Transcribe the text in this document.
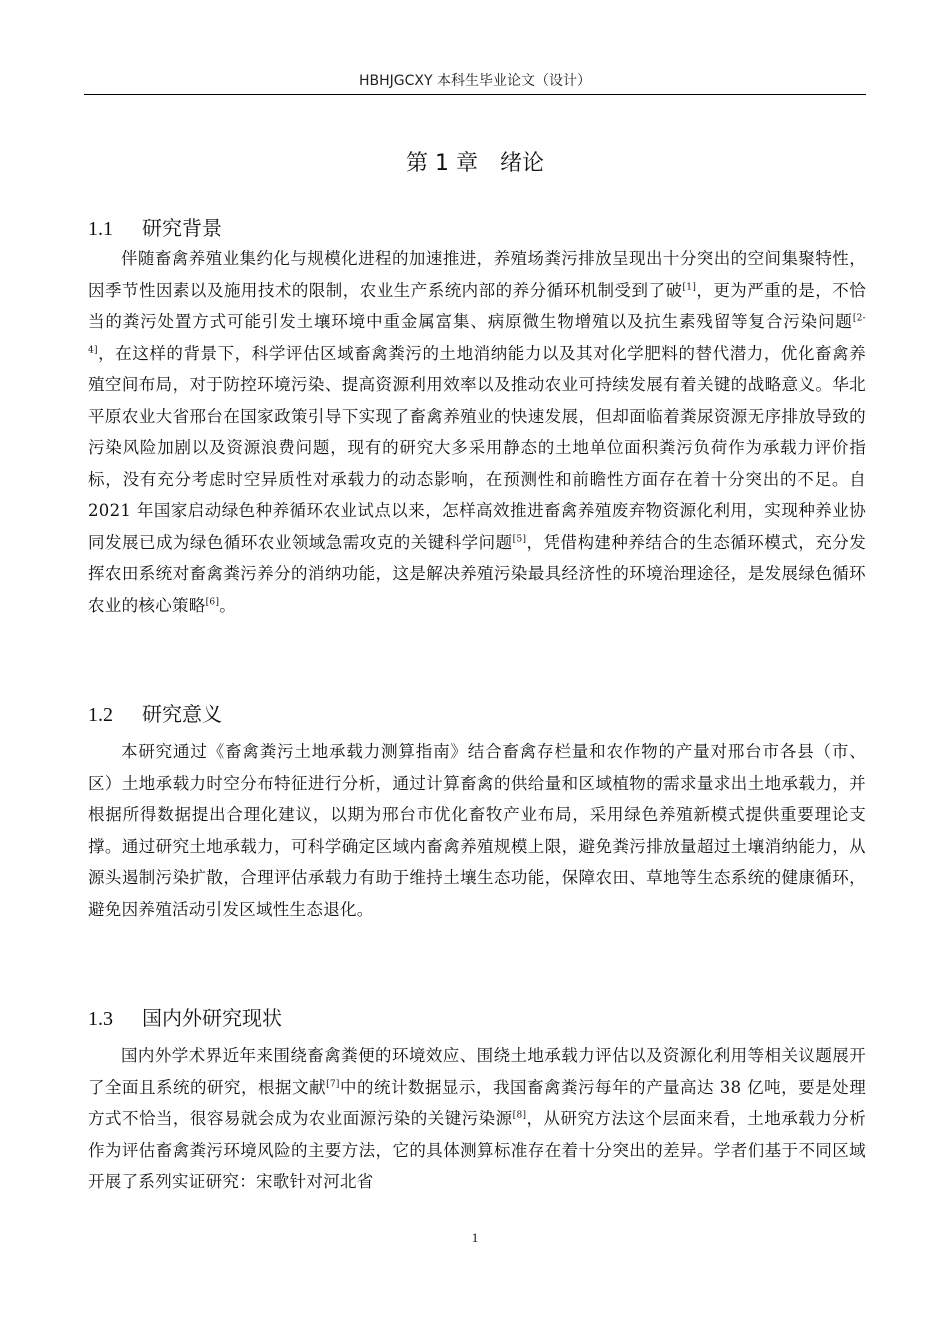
HBHJGCXY 本科生毕业论文（设计）
第 1 章 绪论
1.1 研究背景
伴随畜禽养殖业集约化与规模化进程的加速推进，养殖场粪污排放呈现出十分突出的空间集聚特性，因季节性因素以及施用技术的限制，农业生产系统内部的养分循环机制受到了破[1]，更为严重的是，不恰当的粪污处置方式可能引发土壤环境中重金属富集、病原微生物增殖以及抗生素残留等复合污染问题[2-4]，在这样的背景下，科学评估区域畜禽粪污的土地消纳能力以及其对化学肥料的替代潜力，优化畜禽养殖空间布局，对于防控环境污染、提高资源利用效率以及推动农业可持续发展有着关键的战略意义。华北平原农业大省邢台在国家政策引导下实现了畜禽养殖业的快速发展，但却面临着粪尿资源无序排放导致的污染风险加剧以及资源浪费问题，现有的研究大多采用静态的土地单位面积粪污负荷作为承载力评价指标，没有充分考虑时空异质性对承载力的动态影响，在预测性和前瞻性方面存在着十分突出的不足。自 2021 年国家启动绿色种养循环农业试点以来，怎样高效推进畜禽养殖废弃物资源化利用，实现种养业协同发展已成为绿色循环农业领域急需攻克的关键科学问题[5]，凭借构建种养结合的生态循环模式，充分发挥农田系统对畜禽粪污养分的消纳功能，这是解决养殖污染最具经济性的环境治理途径，是发展绿色循环农业的核心策略[6]。
1.2 研究意义
本研究通过《畜禽粪污土地承载力测算指南》结合畜禽存栏量和农作物的产量对邢台市各县（市、区）土地承载力时空分布特征进行分析，通过计算畜禽的供给量和区域植物的需求量求出土地承载力，并根据所得数据提出合理化建议，以期为邢台市优化畜牧产业布局，采用绿色养殖新模式提供重要理论支撑。通过研究土地承载力，可科学确定区域内畜禽养殖规模上限，避免粪污排放量超过土壤消纳能力，从源头遏制污染扩散，合理评估承载力有助于维持土壤生态功能，保障农田、草地等生态系统的健康循环，避免因养殖活动引发区域性生态退化。
1.3 国内外研究现状
国内外学术界近年来围绕畜禽粪便的环境效应、围绕土地承载力评估以及资源化利用等相关议题展开了全面且系统的研究，根据文献[7]中的统计数据显示，我国畜禽粪污每年的产量高达 38 亿吨，要是处理方式不恰当，很容易就会成为农业面源污染的关键污染源[8]，从研究方法这个层面来看，土地承载力分析作为评估畜禽粪污环境风险的主要方法，它的具体测算标准存在着十分突出的差异。学者们基于不同区域开展了系列实证研究：宋歌针对河北省
1
